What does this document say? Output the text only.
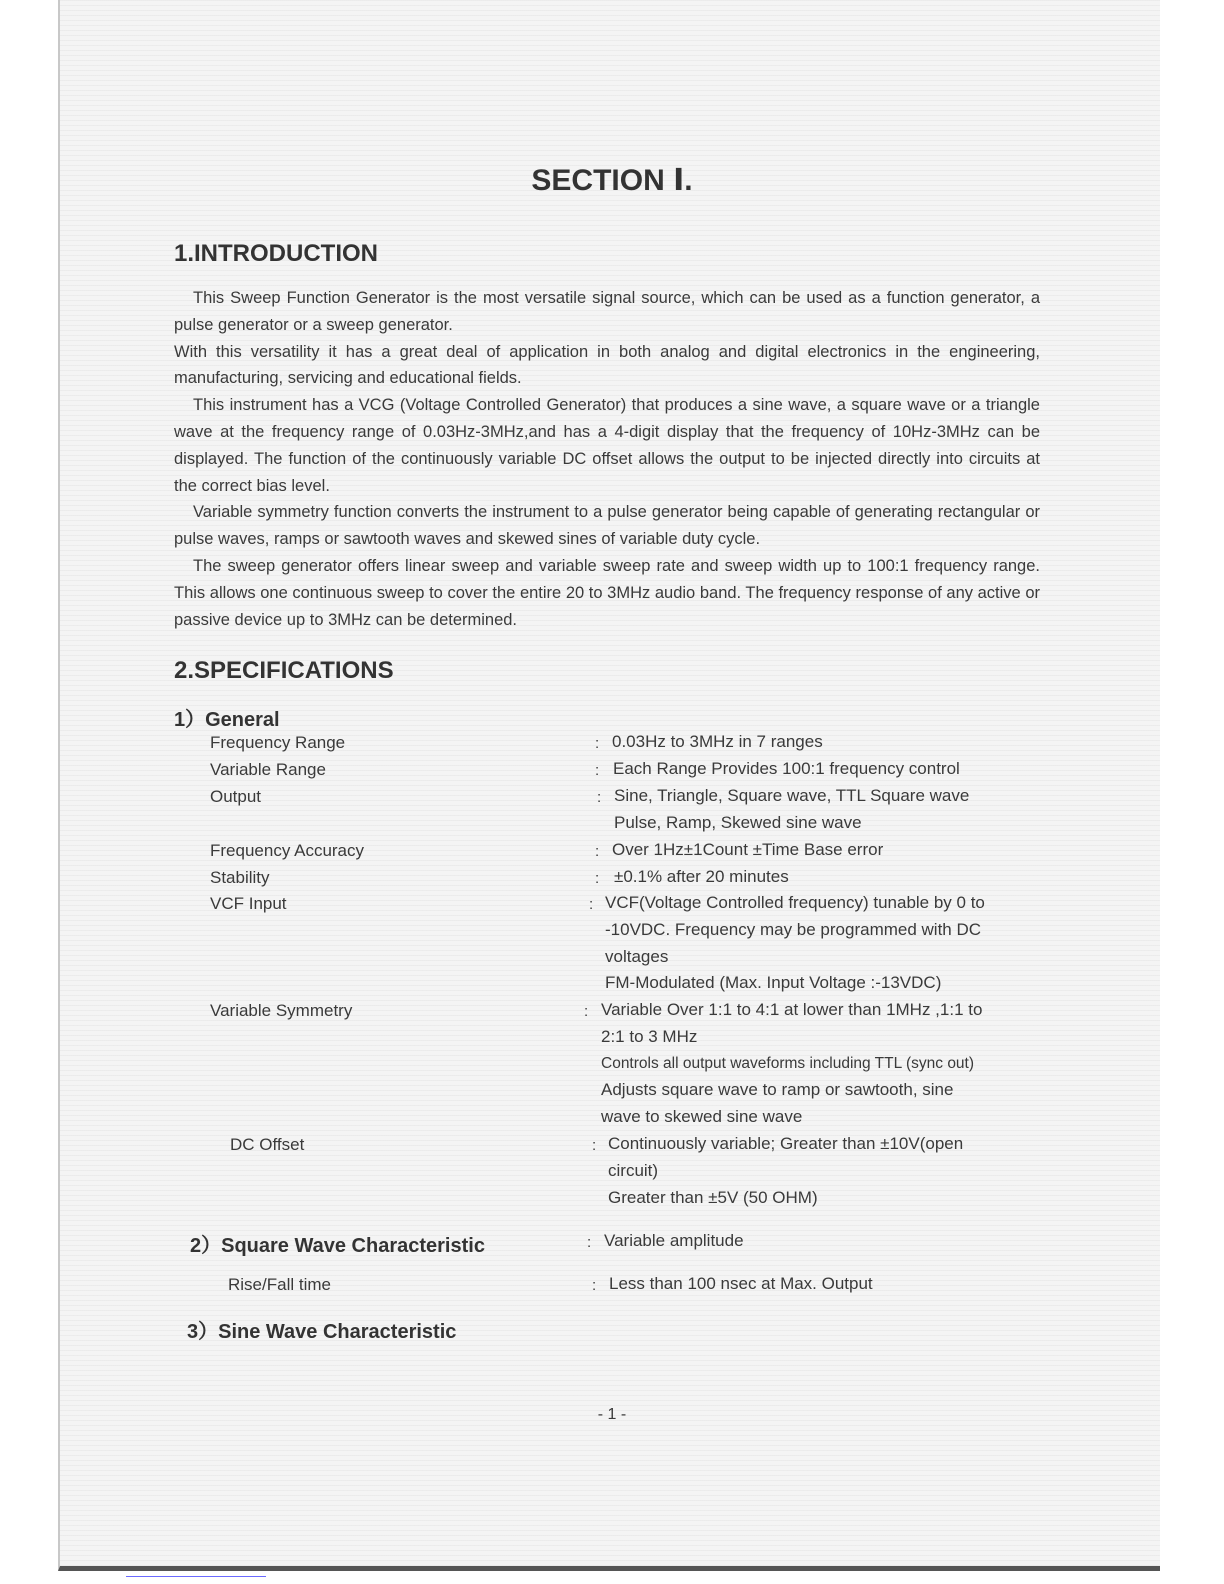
SECTION Ⅰ.
1.INTRODUCTION

This Sweep Function Generator is the most versatile signal source, which can be used as a function generator, a pulse generator or a sweep generator.

With this versatility it has a great deal of application in both analog and digital electronics in the engineering, manufacturing, servicing and educational fields.

This instrument has a VCG (Voltage Controlled Generator) that produces a sine wave, a square wave or a triangle wave at the frequency range of 0.03Hz-3MHz,and has a 4-digit display that the frequency of 10Hz-3MHz can be displayed. The function of the continuously variable DC offset allows the output to be injected directly into circuits at the correct bias level.

Variable symmetry function converts the instrument to a pulse generator being capable of generating rectangular or pulse waves, ramps or sawtooth waves and skewed sines of variable duty cycle.

The sweep generator offers linear sweep and variable sweep rate and sweep width up to 100:1 frequency range. This allows one continuous sweep to cover the entire 20 to 3MHz audio band. The frequency response of any active or passive device up to 3MHz can be determined.

2.SPECIFICATIONS
1）General
Frequency Range	: 0.03Hz to 3MHz in 7 ranges
Variable Range	: Each Range Provides 100:1 frequency control
Output	: Sine, Triangle, Square wave, TTL Square wave
Pulse, Ramp, Skewed sine wave
Frequency Accuracy	: Over 1Hz±1Count ±Time Base error
Stability	: ±0.1% after 20 minutes
VCF Input	: VCF(Voltage Controlled frequency) tunable by 0 to
-10VDC. Frequency may be programmed with DC
voltages
FM-Modulated (Max. Input Voltage :-13VDC)
Variable Symmetry	: Variable Over 1:1 to 4:1 at lower than 1MHz ,1:1 to
2:1 to 3 MHz
Controls all output waveforms including TTL (sync out)
Adjusts square wave to ramp or sawtooth, sine
wave to skewed sine wave
DC Offset	: Continuously variable; Greater than ±10V(open
circuit)
Greater than ±5V (50 OHM)
2）Square Wave Characteristic	: Variable amplitude
Rise/Fall time	: Less than 100 nsec at Max. Output
3）Sine Wave Characteristic
- 1 -
